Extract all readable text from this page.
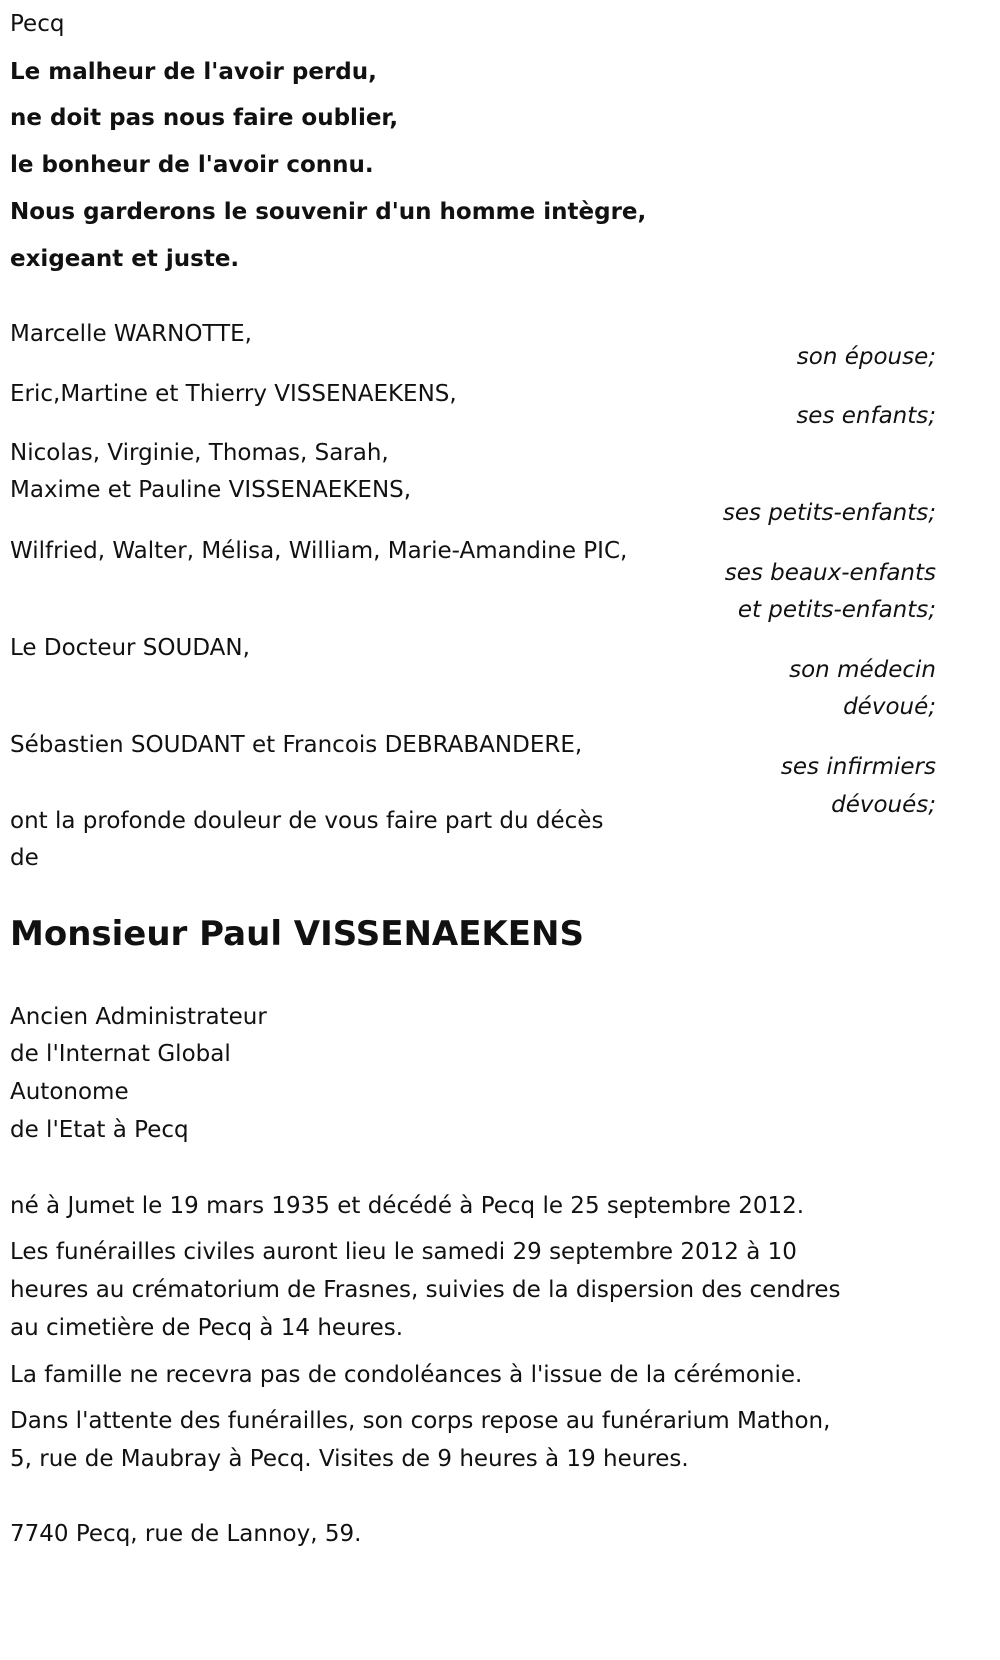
Pecq
Le malheur de l'avoir perdu,
ne doit pas nous faire oublier,
le bonheur de l'avoir connu.
Nous garderons le souvenir d'un homme intègre,
exigeant et juste.
Marcelle WARNOTTE,
son épouse;
Eric,Martine et Thierry VISSENAEKENS,
ses enfants;
Nicolas, Virginie, Thomas, Sarah,
Maxime et Pauline VISSENAEKENS,
ses petits-enfants;
Wilfried, Walter, Mélisa, William, Marie-Amandine PIC,
ses beaux-enfants
et petits-enfants;
Le Docteur SOUDAN,
son médecin
dévoué;
Sébastien SOUDANT et Francois DEBRABANDERE,
ses infirmiers
dévoués;
ont la profonde douleur de vous faire part du décès
de
Monsieur Paul VISSENAEKENS
Ancien Administrateur
de l'Internat Global
Autonome
de l'Etat à Pecq
né à Jumet le 19 mars 1935 et décédé à Pecq le 25 septembre 2012.
Les funérailles civiles auront lieu le samedi 29 septembre 2012 à 10
heures au crématorium de Frasnes, suivies de la dispersion des cendres
au cimetière de Pecq à 14 heures.
La famille ne recevra pas de condoléances à l'issue de la cérémonie.
Dans l'attente des funérailles, son corps repose au funérarium Mathon,
5, rue de Maubray à Pecq. Visites de 9 heures à 19 heures.
7740 Pecq, rue de Lannoy, 59.
